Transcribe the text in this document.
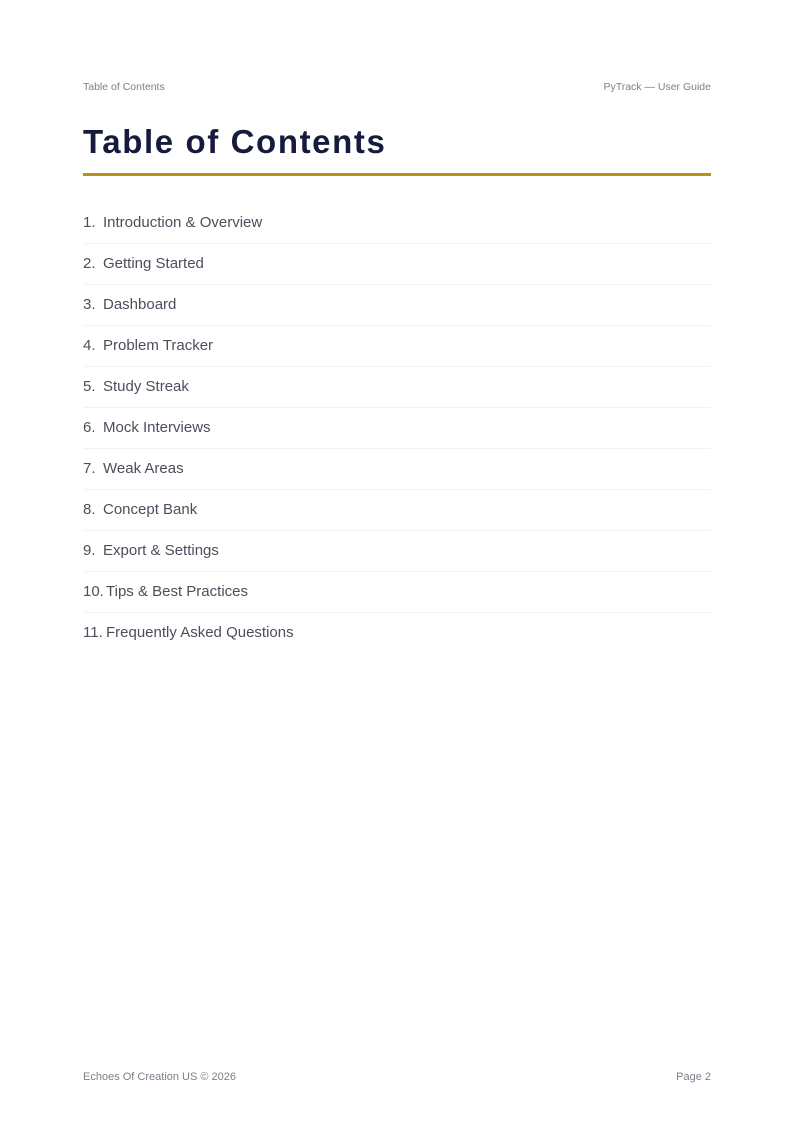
Table of Contents	PyTrack — User Guide
Table of Contents
1. Introduction & Overview
2. Getting Started
3. Dashboard
4. Problem Tracker
5. Study Streak
6. Mock Interviews
7. Weak Areas
8. Concept Bank
9. Export & Settings
10. Tips & Best Practices
11. Frequently Asked Questions
Echoes Of Creation US © 2026	Page 2
